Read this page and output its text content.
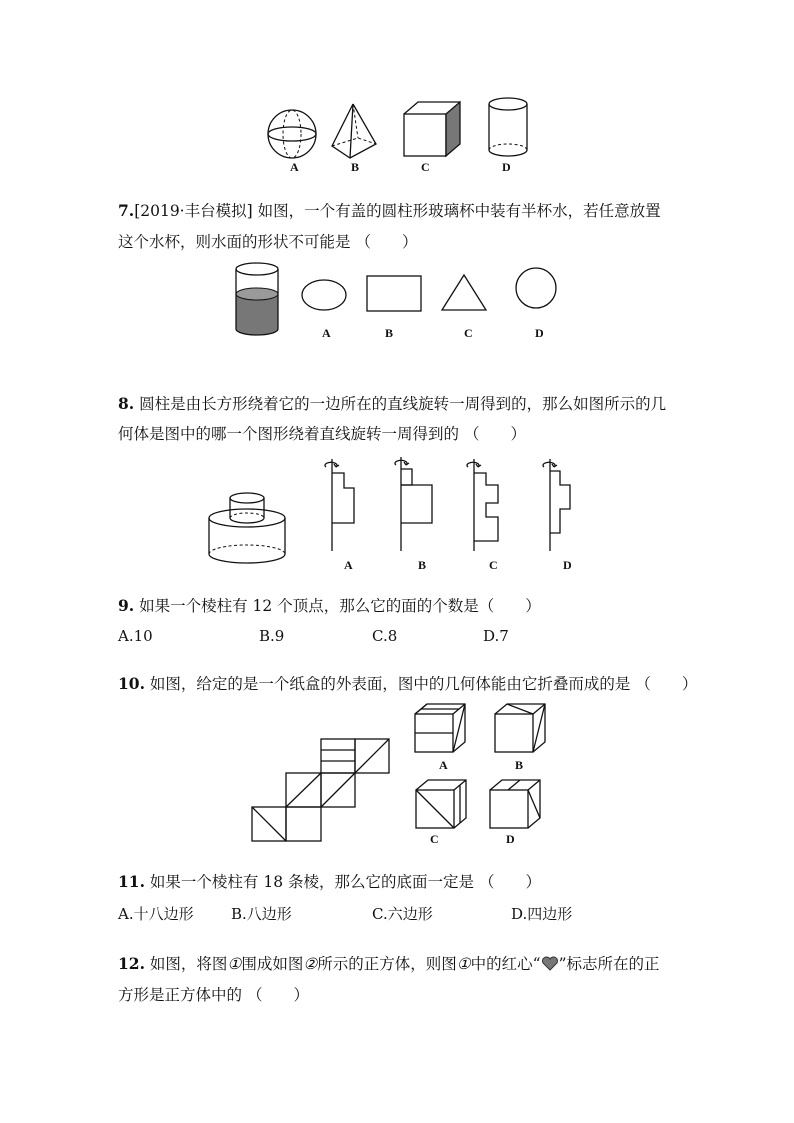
A	B	C	D
7.[2019·丰台模拟] 如图，一个有盖的圆柱形玻璃杯中装有半杯水，若任意放置
这个水杯，则水面的形状不可能是 （　　）
A	B	C	D
8. 圆柱是由长方形绕着它的一边所在的直线旋转一周得到的，那么如图所示的几
何体是图中的哪一个图形绕着直线旋转一周得到的 （　　）
A	B	C	D
9. 如果一个棱柱有 12 个顶点，那么它的面的个数是（　　）
A.10	B.9	C.8	D.7
10. 如图，给定的是一个纸盒的外表面，图中的几何体能由它折叠而成的是 （　　）
A	B
C	D
11. 如果一个棱柱有 18 条棱，那么它的底面一定是 （　　）
A.十八边形 B.八边形	C.六边形	D.四边形
12. 如图，将图①围成如图②所示的正方体，则图①中的红心“ ”标志所在的正
方形是正方体中的 （　　）
